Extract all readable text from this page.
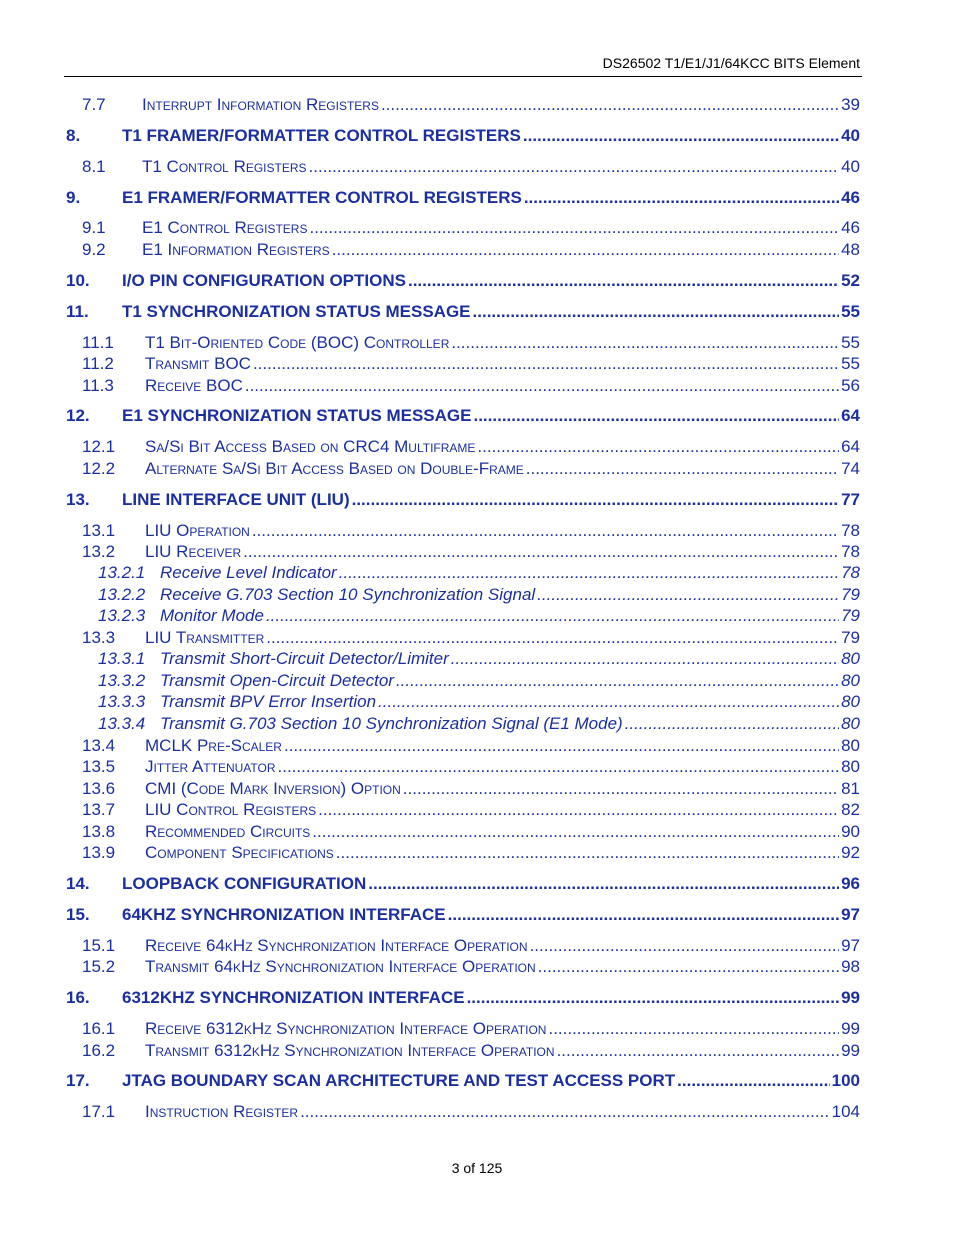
DS26502 T1/E1/J1/64KCC BITS Element
7.7 Interrupt Information Registers .....	39
8. T1 FRAMER/FORMATTER CONTROL REGISTERS .....	40
8.1 T1 Control Registers .....	40
9. E1 FRAMER/FORMATTER CONTROL REGISTERS .....	46
9.1 E1 Control Registers .....	46
9.2 E1 Information Registers .....	48
10. I/O PIN CONFIGURATION OPTIONS .....	52
11. T1 SYNCHRONIZATION STATUS MESSAGE .....	55
11.1 T1 Bit-Oriented Code (BOC) Controller .....	55
11.2 Transmit BOC .....	55
11.3 Receive BOC .....	56
12. E1 SYNCHRONIZATION STATUS MESSAGE .....	64
12.1 Sa/Si Bit Access Based on CRC4 Multiframe .....	64
12.2 Alternate Sa/Si Bit Access Based on Double-Frame .....	74
13. LINE INTERFACE UNIT (LIU) .....	77
13.1 LIU Operation .....	78
13.2 LIU Receiver .....	78
13.2.1 Receive Level Indicator .....	78
13.2.2 Receive G.703 Section 10 Synchronization Signal .....	79
13.2.3 Monitor Mode .....	79
13.3 LIU Transmitter .....	79
13.3.1 Transmit Short-Circuit Detector/Limiter .....	80
13.3.2 Transmit Open-Circuit Detector .....	80
13.3.3 Transmit BPV Error Insertion .....	80
13.3.4 Transmit G.703 Section 10 Synchronization Signal (E1 Mode) .....	80
13.4 MCLK Pre-Scaler .....	80
13.5 Jitter Attenuator .....	80
13.6 CMI (Code Mark Inversion) Option .....	81
13.7 LIU Control Registers .....	82
13.8 Recommended Circuits .....	90
13.9 Component Specifications .....	92
14. LOOPBACK CONFIGURATION .....	96
15. 64KHZ SYNCHRONIZATION INTERFACE .....	97
15.1 Receive 64kHz Synchronization Interface Operation .....	97
15.2 Transmit 64kHz Synchronization Interface Operation .....	98
16. 6312KHZ SYNCHRONIZATION INTERFACE .....	99
16.1 Receive 6312kHz Synchronization Interface Operation .....	99
16.2 Transmit 6312kHz Synchronization Interface Operation .....	99
17. JTAG BOUNDARY SCAN ARCHITECTURE AND TEST ACCESS PORT .....	100
17.1 Instruction Register .....	104
3 of 125
